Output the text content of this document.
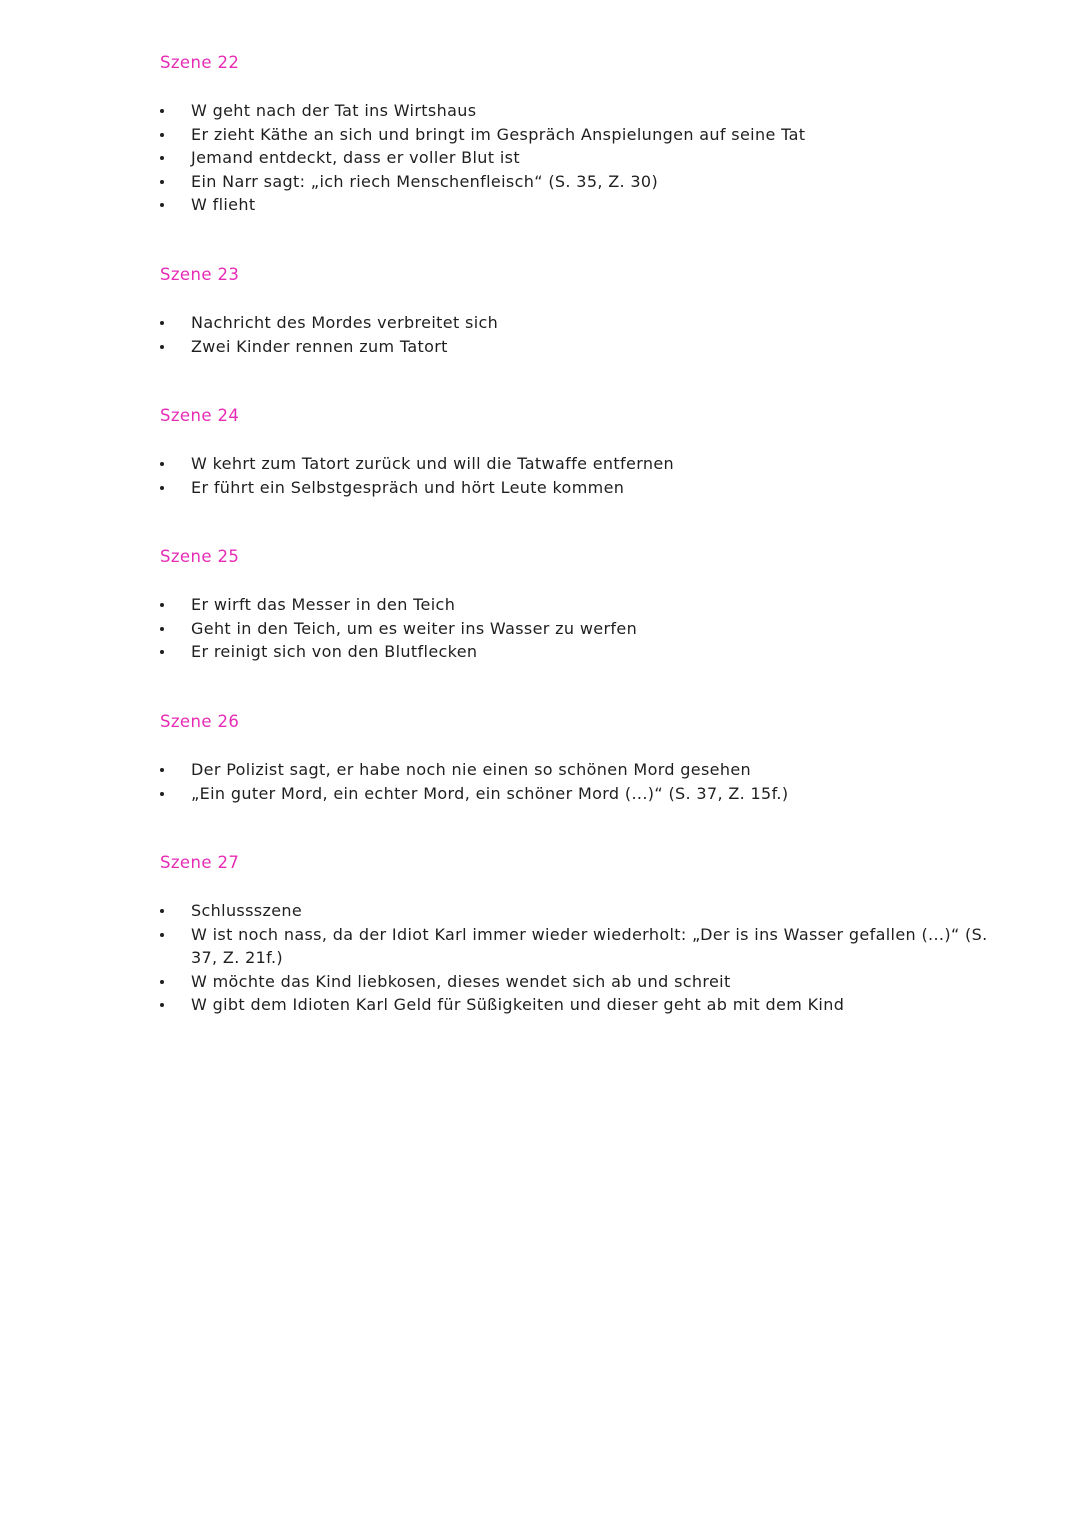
Szene 22
W geht nach der Tat ins Wirtshaus
Er zieht Käthe an sich und bringt im Gespräch Anspielungen auf seine Tat
Jemand entdeckt, dass er voller Blut ist
Ein Narr sagt: „ich riech Menschenfleisch“ (S. 35, Z. 30)
W flieht
Szene 23
Nachricht des Mordes verbreitet sich
Zwei Kinder rennen zum Tatort
Szene 24
W kehrt zum Tatort zurück und will die Tatwaffe entfernen
Er führt ein Selbstgespräch und hört Leute kommen
Szene 25
Er wirft das Messer in den Teich
Geht in den Teich, um es weiter ins Wasser zu werfen
Er reinigt sich von den Blutflecken
Szene 26
Der Polizist sagt, er habe noch nie einen so schönen Mord gesehen
„Ein guter Mord, ein echter Mord, ein schöner Mord (...)“ (S. 37, Z. 15f.)
Szene 27
Schlussszene
W ist noch nass, da der Idiot Karl immer wieder wiederholt: „Der is ins Wasser gefallen (...)“ (S. 37, Z. 21f.)
W möchte das Kind liebkosen, dieses wendet sich ab und schreit
W gibt dem Idioten Karl Geld für Süßigkeiten und dieser geht ab mit dem Kind
